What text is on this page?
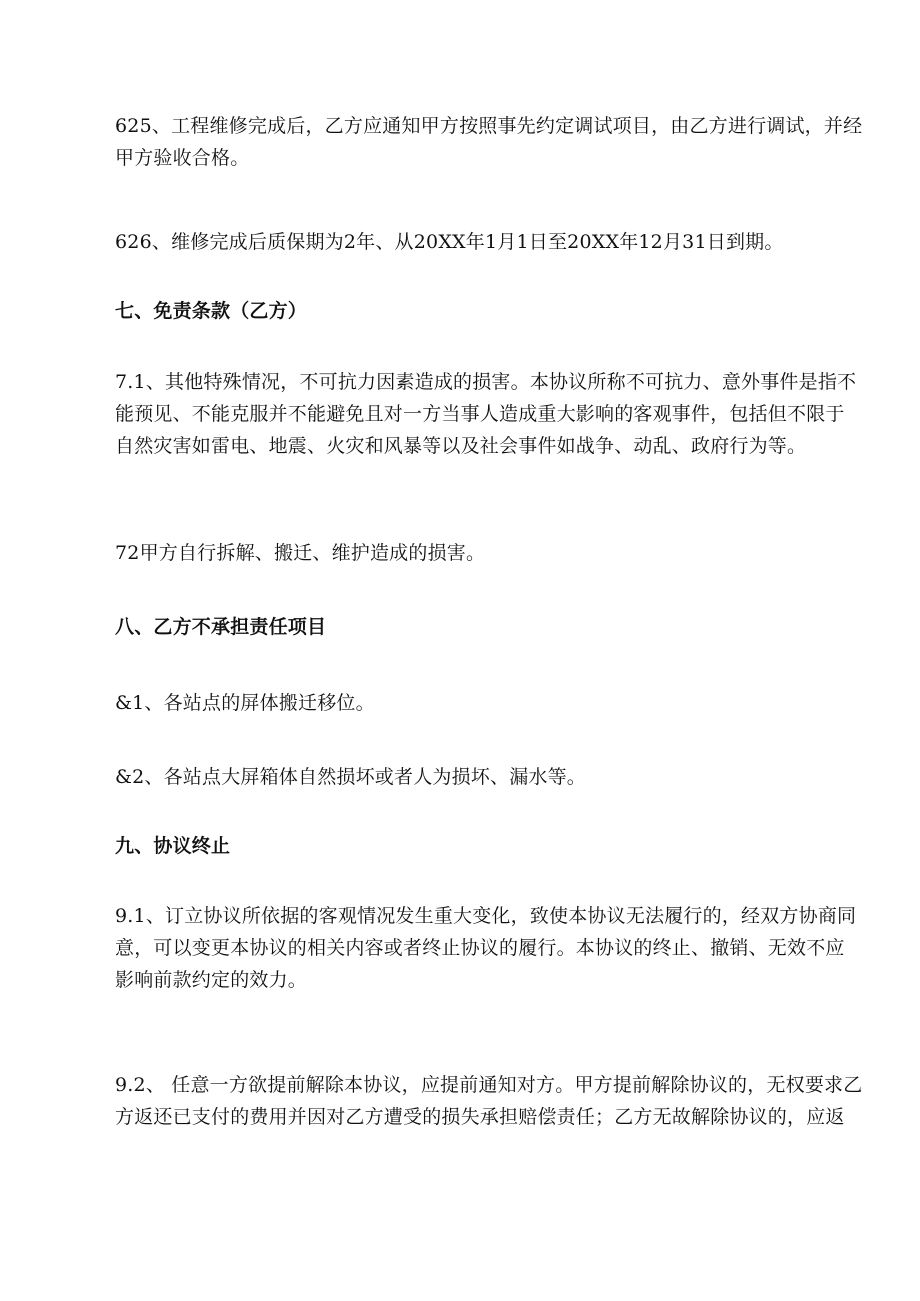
625、工程维修完成后，乙方应通知甲方按照事先约定调试项目，由乙方进行调试，并经
甲方验收合格。

626、维修完成后质保期为2年、从20XX年1月1日至20XX年12月31日到期。

七、免责条款（乙方）

7.1、其他特殊情况，不可抗力因素造成的损害。本协议所称不可抗力、意外事件是指不
能预见、不能克服并不能避免且对一方当事人造成重大影响的客观事件，包括但不限于
自然灾害如雷电、地震、火灾和风暴等以及社会事件如战争、动乱、政府行为等。

72甲方自行拆解、搬迁、维护造成的损害。

八、乙方不承担责任项目

&1、各站点的屏体搬迁移位。

&2、各站点大屏箱体自然损坏或者人为损坏、漏水等。

九、协议终止

9.1、订立协议所依据的客观情况发生重大变化，致使本协议无法履行的，经双方协商同
意，可以变更本协议的相关内容或者终止协议的履行。本协议的终止、撤销、无效不应
影响前款约定的效力。

9.2、 任意一方欲提前解除本协议，应提前通知对方。甲方提前解除协议的，无权要求乙
方返还已支付的费用并因对乙方遭受的损失承担赔偿责任；乙方无故解除协议的，应返
